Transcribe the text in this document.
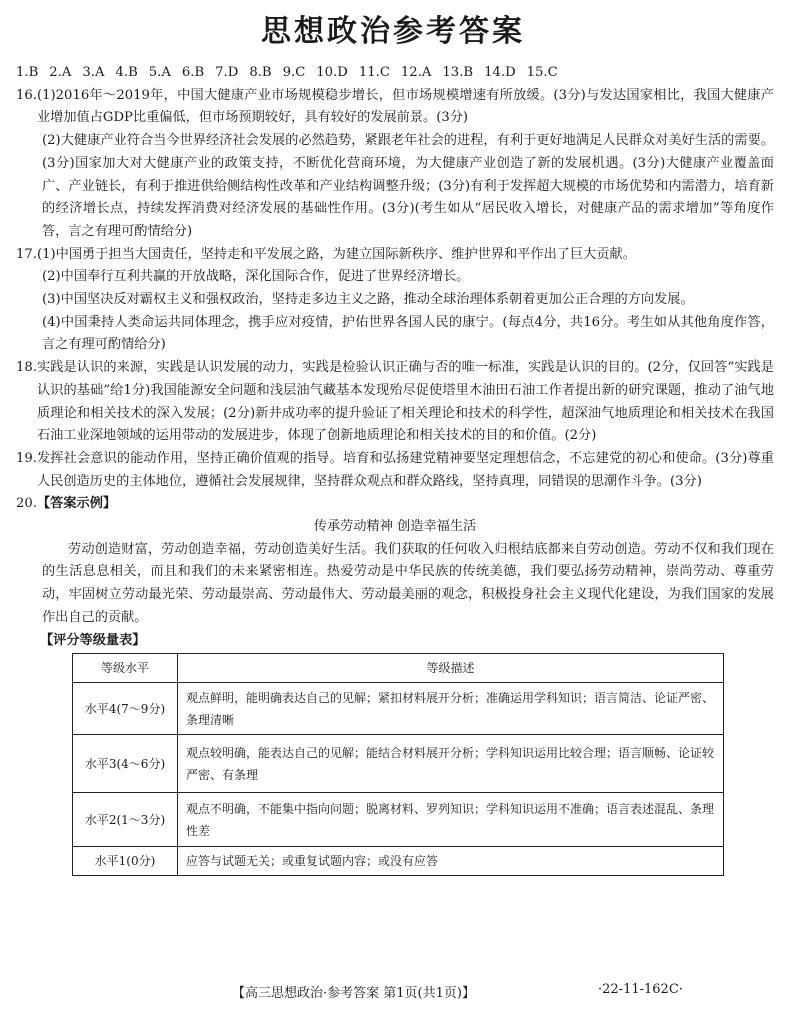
思想政治参考答案
1.B 2.A 3.A 4.B 5.A 6.B 7.D 8.B 9.C 10.D 11.C 12.A 13.B 14.D 15.C
16. (1)2016年～2019年，中国大健康产业市场规模稳步增长，但市场规模增速有所放缓。(3分)与发达国家相比，我国大健康产业增加值占GDP比重偏低，但市场预期较好，具有较好的发展前景。(3分)
(2)大健康产业符合当今世界经济社会发展的必然趋势，紧跟老年社会的进程，有利于更好地满足人民群众对美好生活的需要。(3分)国家加大对大健康产业的政策支持，不断优化营商环境，为大健康产业创造了新的发展机遇。(3分)大健康产业覆盖面广、产业链长，有利于推进供给侧结构性改革和产业结构调整升级；(3分)有利于发挥超大规模的市场优势和内需潜力，培育新的经济增长点，持续发挥消费对经济发展的基础性作用。(3分)(考生如从“居民收入增长，对健康产品的需求增加”等角度作答，言之有理可酌情给分)
17. (1)中国勇于担当大国责任，坚持走和平发展之路，为建立国际新秩序、维护世界和平作出了巨大贡献。
(2)中国奉行互利共赢的开放战略，深化国际合作，促进了世界经济增长。
(3)中国坚决反对霸权主义和强权政治，坚持走多边主义之路，推动全球治理体系朝着更加公正合理的方向发展。
(4)中国秉持人类命运共同体理念，携手应对疫情，护佑世界各国人民的康宁。(每点4分，共16分。考生如从其他角度作答，言之有理可酌情给分)
18. 实践是认识的来源，实践是认识发展的动力，实践是检验认识正确与否的唯一标准，实践是认识的目的。(2分，仅回答“实践是认识的基础”给1分)我国能源安全问题和浅层油气藏基本发现殆尽促使塔里木油田石油工作者提出新的研究课题，推动了油气地质理论和相关技术的深入发展；(2分)新井成功率的提升验证了相关理论和技术的科学性，超深油气地质理论和相关技术在我国石油工业深地领域的运用带动的发展进步，体现了创新地质理论和相关技术的目的和价值。(2分)
19. 发挥社会意识的能动作用，坚持正确价值观的指导。培育和弘扬建党精神要坚定理想信念，不忘建党的初心和使命。(3分)尊重人民创造历史的主体地位，遵循社会发展规律，坚持群众观点和群众路线，坚持真理，同错误的思潮作斗争。(3分)
20. 【答案示例】
传承劳动精神 创造幸福生活
劳动创造财富，劳动创造幸福，劳动创造美好生活。我们获取的任何收入归根结底都来自劳动创造。劳动不仅和我们现在的生活息息相关，而且和我们的未来紧密相连。热爱劳动是中华民族的传统美德，我们要弘扬劳动精神，崇尚劳动、尊重劳动，牢固树立劳动最光荣、劳动最崇高、劳动最伟大、劳动最美丽的观念，积极投身社会主义现代化建设，为我们国家的发展作出自己的贡献。
【评分等级量表】
等级水平	等级描述
水平4(7～9分)	观点鲜明，能明确表达自己的见解；紧扣材料展开分析；准确运用学科知识；语言简洁、论证严密、条理清晰
水平3(4～6分)	观点较明确，能表达自己的见解；能结合材料展开分析；学科知识运用比较合理；语言顺畅、论证较严密、有条理
水平2(1～3分)	观点不明确，不能集中指向问题；脱离材料、罗列知识；学科知识运用不准确；语言表述混乱、条理性差
水平1(0分)	应答与试题无关；或重复试题内容；或没有应答
【高三思想政治·参考答案 第1页(共1页)】	·22-11-162C·
